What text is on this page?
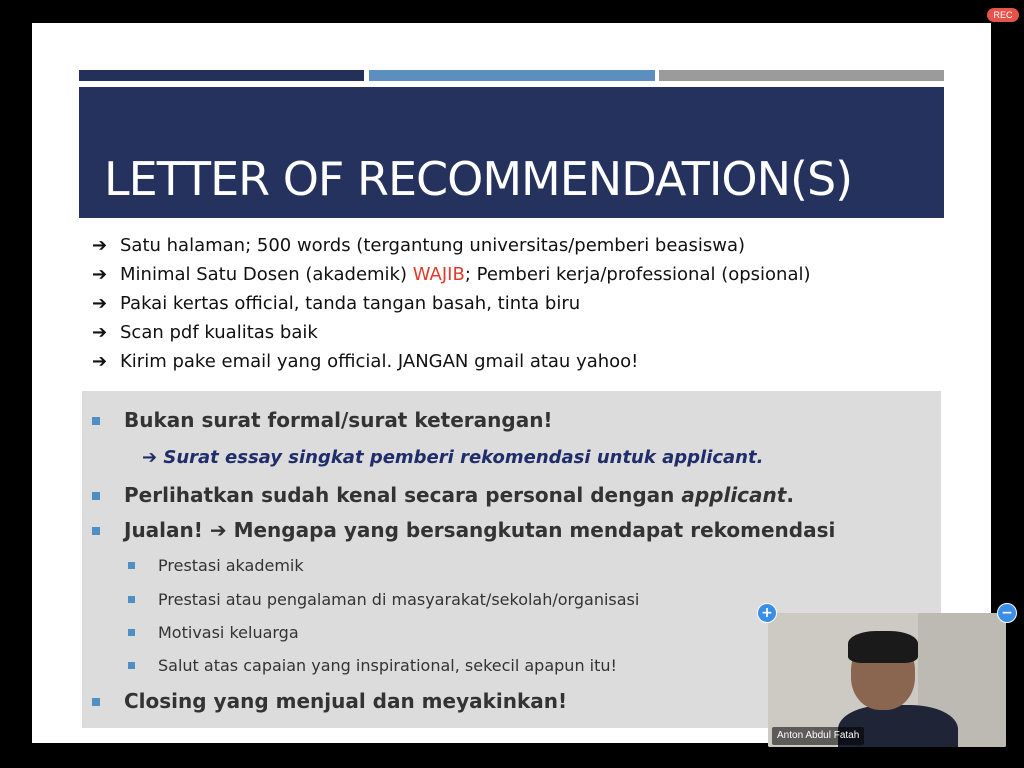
REC
LETTER OF RECOMMENDATION(S)
➔ Satu halaman; 500 words (tergantung universitas/pemberi beasiswa)
➔ Minimal Satu Dosen (akademik) WAJIB; Pemberi kerja/professional (opsional)
➔ Pakai kertas official, tanda tangan basah, tinta biru
➔ Scan pdf kualitas baik
➔ Kirim pake email yang official. JANGAN gmail atau yahoo!
Bukan surat formal/surat keterangan!
➔ Surat essay singkat pemberi rekomendasi untuk applicant.
Perlihatkan sudah kenal secara personal dengan applicant.
Jualan! ➔ Mengapa yang bersangkutan mendapat rekomendasi
Prestasi akademik
Prestasi atau pengalaman di masyarakat/sekolah/organisasi
Motivasi keluarga
Salut atas capaian yang inspirational, sekecil apapun itu!
Closing yang menjual dan meyakinkan!
Anton Abdul Fatah
+	−
